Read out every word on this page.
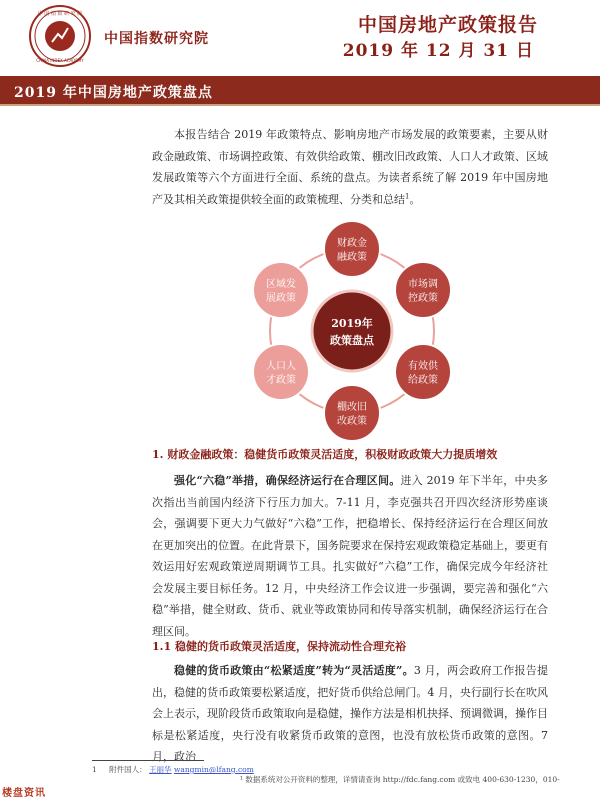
中 国 指 数 研 究 院
CHINA INDEX ACADEMY
中国指数研究院
中国房地产政策报告
2019 年 12 月 31 日
2019 年中国房地产政策盘点

本报告结合 2019 年政策特点、影响房地产市场发展的政策要素，主要从财政金融政策、市场调控政策、有效供给政策、棚改旧改政策、人口人才政策、区域发展政策等六个方面进行全面、系统的盘点。为读者系统了解 2019 年中国房地产及其相关政策提供较全面的政策梳理、分类和总结$^1$。

2019年
政策盘点
财政金
融政策
市场调
控政策
有效供
给政策
棚改旧
改政策
人口人
才政策
区域发
展政策
1. 财政金融政策：稳健货币政策灵活适度，积极财政政策大力提质增效

强化“六稳”举措，确保经济运行在合理区间。进入 2019 年下半年，中央多次指出当前国内经济下行压力加大。7-11 月，李克强共召开四次经济形势座谈会，强调要下更大力气做好“六稳”工作，把稳增长、保持经济运行在合理区间放在更加突出的位置。在此背景下，国务院要求在保持宏观政策稳定基础上，要更有效运用好宏观政策逆周期调节工具。扎实做好“六稳”工作，确保完成今年经济社会发展主要目标任务。12 月，中央经济工作会议进一步强调，要完善和强化“六稳”举措，健全财政、货币、就业等政策协同和传导落实机制，确保经济运行在合理区间。

1.1 稳健的货币政策灵活适度，保持流动性合理充裕

稳健的货币政策由“松紧适度”转为“灵活适度”。3 月，两会政府工作报告提出，稳健的货币政策要松紧适度，把好货币供给总闸门。4 月，央行副行长在吹风会上表示，现阶段货币政策取向是稳健，操作方法是相机抉择、预调微调，操作目标是松紧适度，央行没有收紧货币政策的意图，也没有放松货币政策的意图。7 月，政治

1 附件国人： 王丽华 wangmin@lfang.com
¹ 数据系统对公开资料的整理，详情请查询 http://fdc.fang.com 或致电 400-630-1230，010-
楼盘资讯
